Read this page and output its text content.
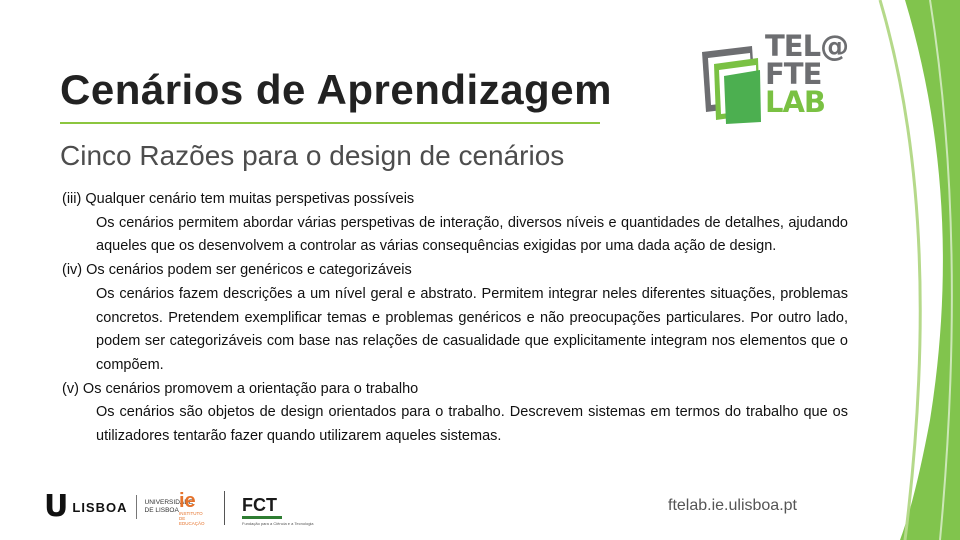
Cenários de Aprendizagem
Cinco Razões para o design de cenários
TEL@
FTE
LAB
(iii) Qualquer cenário tem muitas perspetivas possíveis
Os cenários permitem abordar várias perspetivas de interação, diversos níveis e quantidades de detalhes, ajudando aqueles que os desenvolvem a controlar as várias consequências exigidas por uma dada ação de design.
(iv) Os cenários podem ser genéricos e categorizáveis
Os cenários fazem descrições a um nível geral e abstrato. Permitem integrar neles diferentes situações, problemas concretos. Pretendem exemplificar temas e problemas genéricos e não preocupações particulares. Por outro lado, podem ser categorizáveis com base nas relações de casualidade que explicitamente integram nos elementos que o compõem.
(v) Os cenários promovem a orientação para o trabalho
Os cenários são objetos de design orientados para o trabalho. Descrevem sistemas em termos do trabalho que os utilizadores tentarão fazer quando utilizarem aqueles sistemas.
U LISBOA	UNIVERSIDADE
DE LISBOA ie
INSTITUTO DE
EDUCAÇÃO
FCT
Fundação para a Ciência e a Tecnologia
ftelab.ie.ulisboa.pt
